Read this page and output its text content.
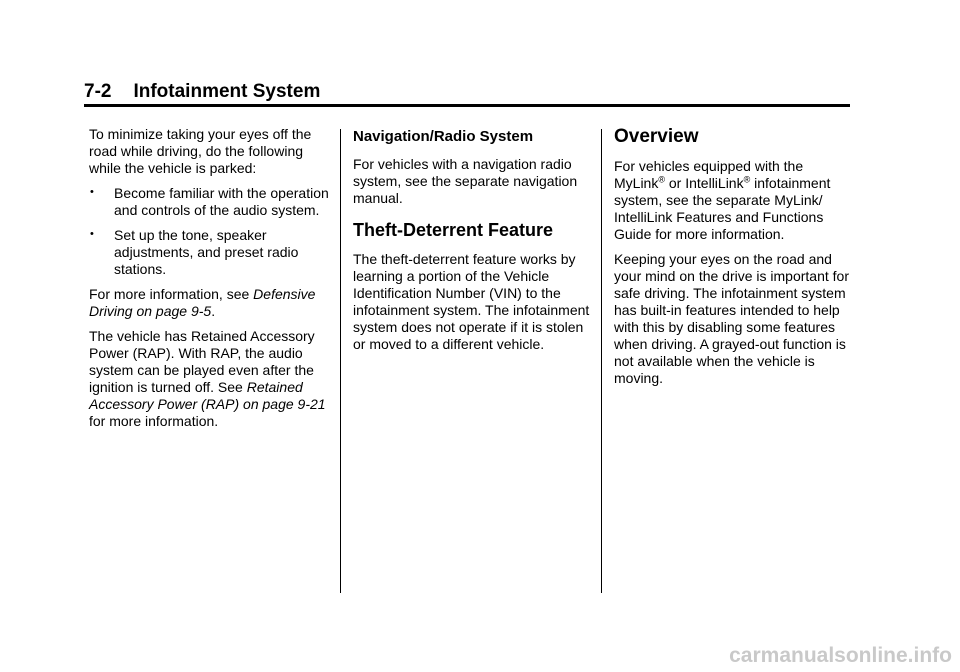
7-2 Infotainment System

To minimize taking your eyes off the road while driving, do the following while the vehicle is parked:

• Become familiar with the operation and controls of the audio system.
• Set up the tone, speaker adjustments, and preset radio stations.

For more information, see Defensive Driving on page 9-5.

The vehicle has Retained Accessory Power (RAP). With RAP, the audio system can be played even after the ignition is turned off. See Retained Accessory Power (RAP) on page 9-21 for more information.

Navigation/Radio System

For vehicles with a navigation radio system, see the separate navigation manual.

Theft-Deterrent Feature

The theft-deterrent feature works by learning a portion of the Vehicle Identification Number (VIN) to the infotainment system. The infotainment system does not operate if it is stolen or moved to a different vehicle.

Overview

For vehicles equipped with the MyLink® or IntelliLink® infotainment system, see the separate MyLink/ IntelliLink Features and Functions Guide for more information.

Keeping your eyes on the road and your mind on the drive is important for safe driving. The infotainment system has built-in features intended to help with this by disabling some features when driving. A grayed-out function is not available when the vehicle is moving.

carmanualsonline.info
